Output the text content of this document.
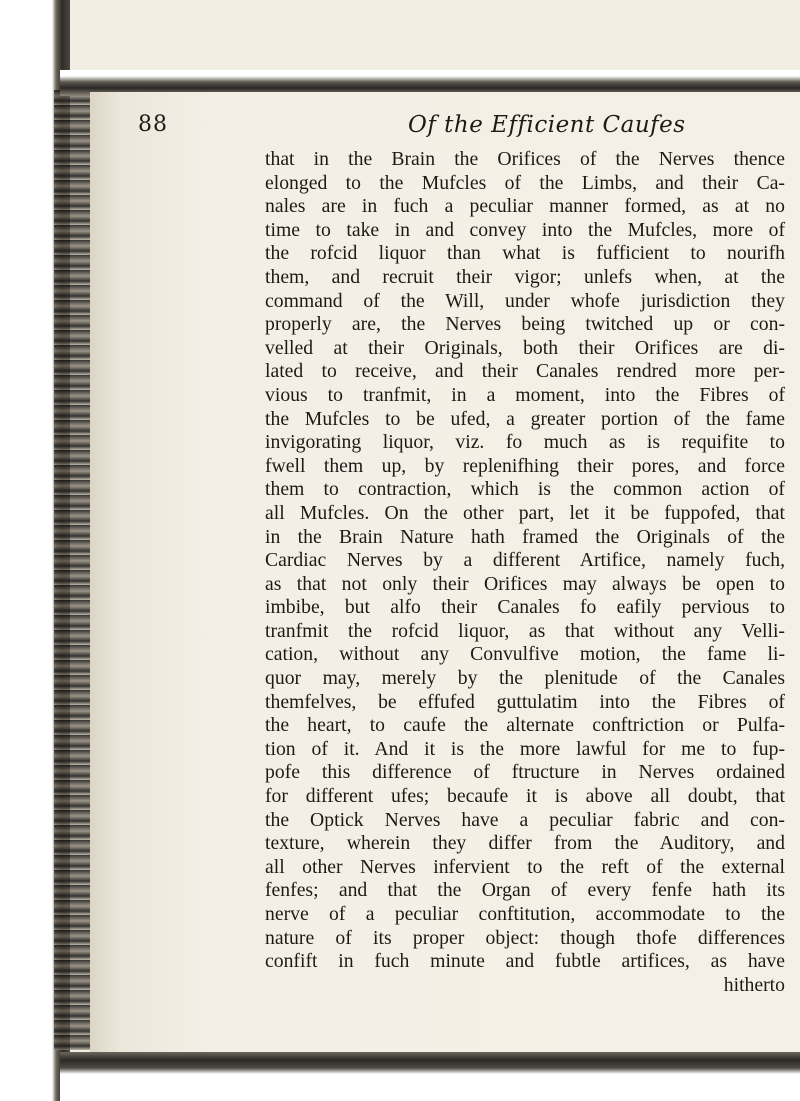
88	Of the Efficient Caufes
that in the Brain the Orifices of the Nerves thence
elonged to the Mufcles of the Limbs, and their Ca-
nales are in fuch a peculiar manner formed, as at no
time to take in and convey into the Mufcles, more of
the rofcid liquor than what is fufficient to nourifh
them, and recruit their vigor; unlefs when, at the
command of the Will, under whofe jurisdiction they
properly are, the Nerves being twitched up or con-
velled at their Originals, both their Orifices are di-
lated to receive, and their Canales rendred more per-
vious to tranfmit, in a moment, into the Fibres of
the Mufcles to be ufed, a greater portion of the fame
invigorating liquor, viz. fo much as is requifite to
fwell them up, by replenifhing their pores, and force
them to contraction, which is the common action of
all Mufcles. On the other part, let it be fuppofed, that
in the Brain Nature hath framed the Originals of the
Cardiac Nerves by a different Artifice, namely fuch,
as that not only their Orifices may always be open to
imbibe, but alfo their Canales fo eafily pervious to
tranfmit the rofcid liquor, as that without any Velli-
cation, without any Convulfive motion, the fame li-
quor may, merely by the plenitude of the Canales
themfelves, be effufed guttulatim into the Fibres of
the heart, to caufe the alternate conftriction or Pulfa-
tion of it. And it is the more lawful for me to fup-
pofe this difference of ftructure in Nerves ordained
for different ufes; becaufe it is above all doubt, that
the Optick Nerves have a peculiar fabric and con-
texture, wherein they differ from the Auditory, and
all other Nerves infervient to the reft of the external
fenfes; and that the Organ of every fenfe hath its
nerve of a peculiar conftitution, accommodate to the
nature of its proper object: though thofe differences
confift in fuch minute and fubtle artifices, as have
hitherto
